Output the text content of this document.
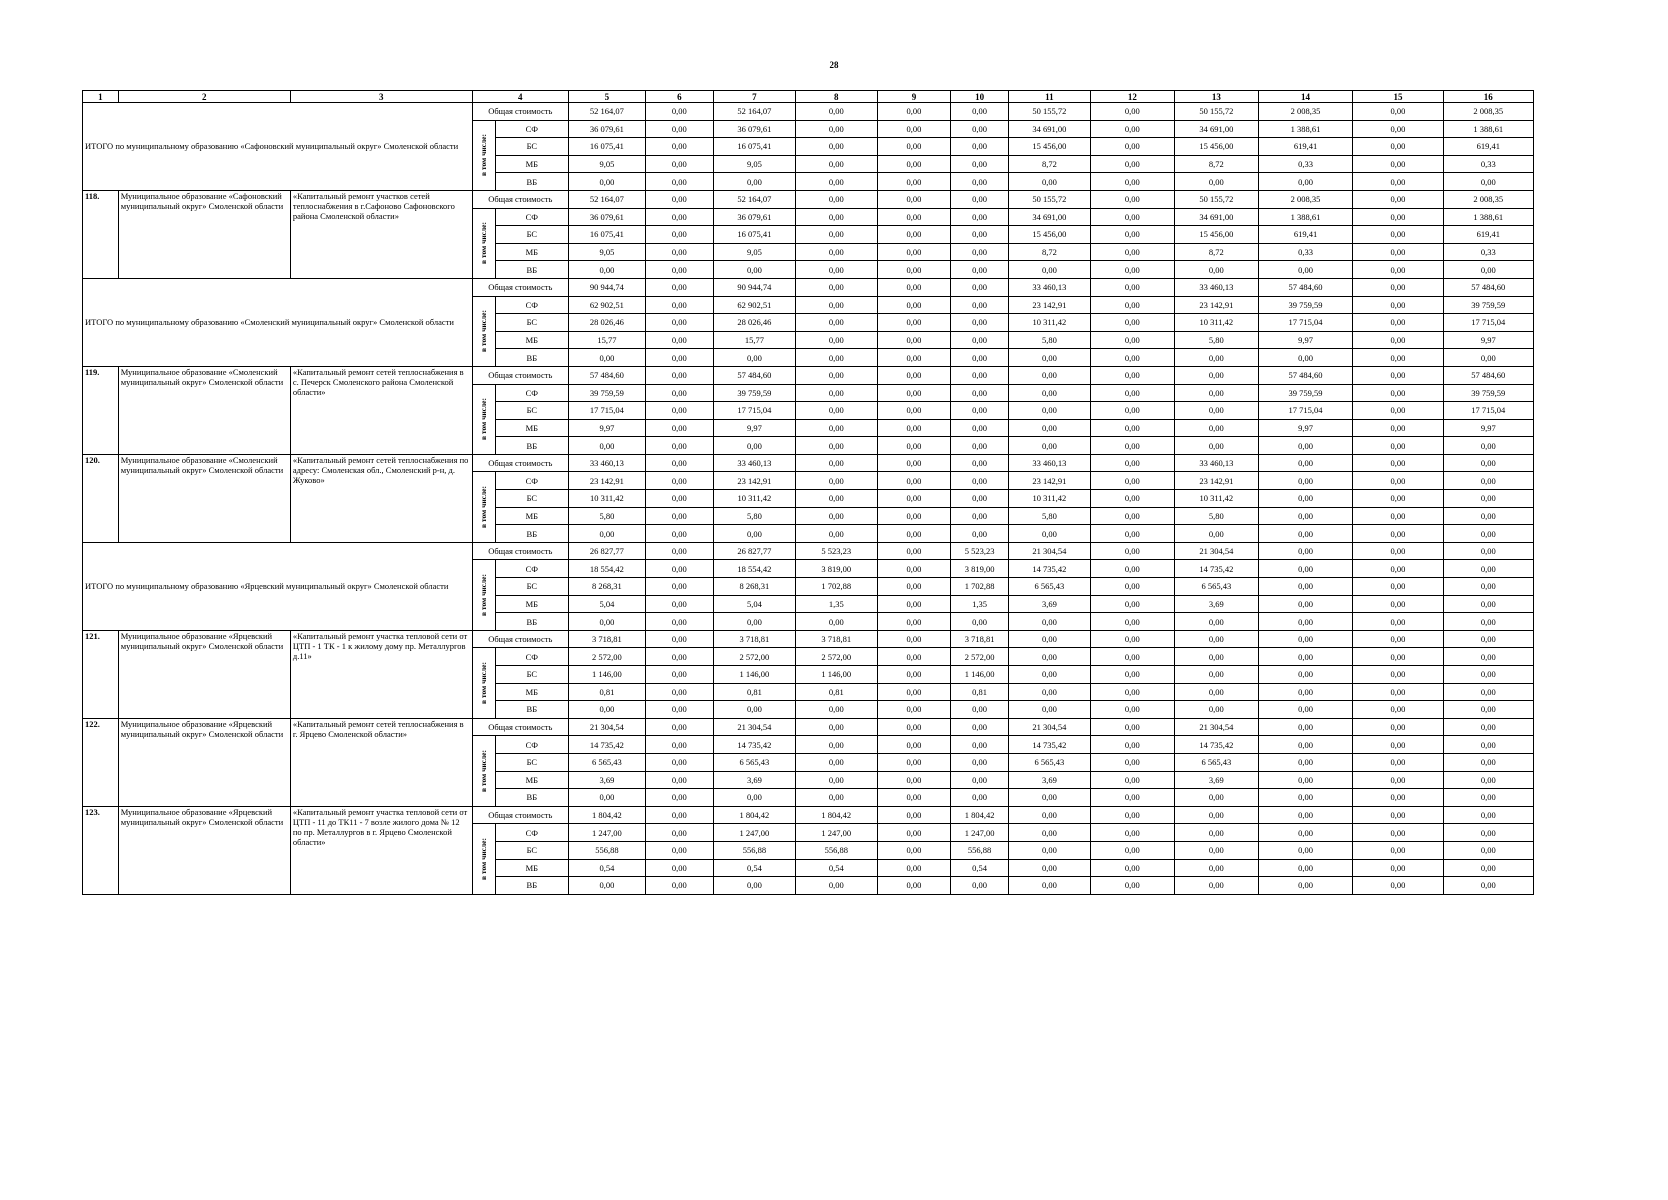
28
1	2	3	4		5	6	7	8	9	10	11	12	13	14	15	16
ИТОГО по муниципальному образованию «Сафоновский муниципальный округ» Смоленской области			Общая стоимость		52 164,07	0,00	52 164,07	0,00	0,00	0,00	50 155,72	0,00	50 155,72	2 008,35	0,00	2 008,35

			в том числе:	СФ	36 079,61	0,00	36 079,61	0,00	0,00	0,00	34 691,00	0,00	34 691,00	1 388,61	0,00	1 388,61
				БС	16 075,41	0,00	16 075,41	0,00	0,00	0,00	15 456,00	0,00	15 456,00	619,41	0,00	619,41
				МБ	9,05	0,00	9,05	0,00	0,00	0,00	8,72	0,00	8,72	0,33	0,00	0,33
				ВБ	0,00	0,00	0,00	0,00	0,00	0,00	0,00	0,00	0,00	0,00	0,00	0,00
118.	Муниципальное образование «Сафоновский муниципальный округ» Смоленской области	«Капитальный ремонт участков сетей теплоснабжения в г.Сафоново Сафоновского района Смоленской области»	Общая стоимость		52 164,07	0,00	52 164,07	0,00	0,00	0,00	50 155,72	0,00	50 155,72	2 008,35	0,00	2 008,35

			в том числе:	СФ	36 079,61	0,00	36 079,61	0,00	0,00	0,00	34 691,00	0,00	34 691,00	1 388,61	0,00	1 388,61
				БС	16 075,41	0,00	16 075,41	0,00	0,00	0,00	15 456,00	0,00	15 456,00	619,41	0,00	619,41
				МБ	9,05	0,00	9,05	0,00	0,00	0,00	8,72	0,00	8,72	0,33	0,00	0,33
				ВБ	0,00	0,00	0,00	0,00	0,00	0,00	0,00	0,00	0,00	0,00	0,00	0,00
ИТОГО по муниципальному образованию «Смоленский муниципальный округ» Смоленской области			Общая стоимость		90 944,74	0,00	90 944,74	0,00	0,00	0,00	33 460,13	0,00	33 460,13	57 484,60	0,00	57 484,60

			в том числе:	СФ	62 902,51	0,00	62 902,51	0,00	0,00	0,00	23 142,91	0,00	23 142,91	39 759,59	0,00	39 759,59
				БС	28 026,46	0,00	28 026,46	0,00	0,00	0,00	10 311,42	0,00	10 311,42	17 715,04	0,00	17 715,04
				МБ	15,77	0,00	15,77	0,00	0,00	0,00	5,80	0,00	5,80	9,97	0,00	9,97
				ВБ	0,00	0,00	0,00	0,00	0,00	0,00	0,00	0,00	0,00	0,00	0,00	0,00
119.	Муниципальное образование «Смоленский муниципальный округ» Смоленской области	«Капитальный ремонт сетей теплоснабжения в с. Печерск Смоленского района Смоленской области»	Общая стоимость		57 484,60	0,00	57 484,60	0,00	0,00	0,00	0,00	0,00	0,00	57 484,60	0,00	57 484,60

			в том числе:	СФ	39 759,59	0,00	39 759,59	0,00	0,00	0,00	0,00	0,00	0,00	39 759,59	0,00	39 759,59
				БС	17 715,04	0,00	17 715,04	0,00	0,00	0,00	0,00	0,00	0,00	17 715,04	0,00	17 715,04
				МБ	9,97	0,00	9,97	0,00	0,00	0,00	0,00	0,00	0,00	9,97	0,00	9,97
				ВБ	0,00	0,00	0,00	0,00	0,00	0,00	0,00	0,00	0,00	0,00	0,00	0,00
120.	Муниципальное образование «Смоленский муниципальный округ» Смоленской области	«Капитальный ремонт сетей теплоснабжения по адресу: Смоленская обл., Смоленский р-н, д. Жуково»	Общая стоимость		33 460,13	0,00	33 460,13	0,00	0,00	0,00	33 460,13	0,00	33 460,13	0,00	0,00	0,00

			в том числе:	СФ	23 142,91	0,00	23 142,91	0,00	0,00	0,00	23 142,91	0,00	23 142,91	0,00	0,00	0,00
				БС	10 311,42	0,00	10 311,42	0,00	0,00	0,00	10 311,42	0,00	10 311,42	0,00	0,00	0,00
				МБ	5,80	0,00	5,80	0,00	0,00	0,00	5,80	0,00	5,80	0,00	0,00	0,00
				ВБ	0,00	0,00	0,00	0,00	0,00	0,00	0,00	0,00	0,00	0,00	0,00	0,00
ИТОГО по муниципальному образованию «Ярцевский муниципальный округ» Смоленской области			Общая стоимость		26 827,77	0,00	26 827,77	5 523,23	0,00	5 523,23	21 304,54	0,00	21 304,54	0,00	0,00	0,00

			в том числе:	СФ	18 554,42	0,00	18 554,42	3 819,00	0,00	3 819,00	14 735,42	0,00	14 735,42	0,00	0,00	0,00
				БС	8 268,31	0,00	8 268,31	1 702,88	0,00	1 702,88	6 565,43	0,00	6 565,43	0,00	0,00	0,00
				МБ	5,04	0,00	5,04	1,35	0,00	1,35	3,69	0,00	3,69	0,00	0,00	0,00
				ВБ	0,00	0,00	0,00	0,00	0,00	0,00	0,00	0,00	0,00	0,00	0,00	0,00
121.	Муниципальное образование «Ярцевский муниципальный округ» Смоленской области	«Капитальный ремонт участка тепловой сети от ЦТП - 1 ТК - 1 к жилому дому пр. Металлургов д.11»	Общая стоимость		3 718,81	0,00	3 718,81	3 718,81	0,00	3 718,81	0,00	0,00	0,00	0,00	0,00	0,00

			в том числе:	СФ	2 572,00	0,00	2 572,00	2 572,00	0,00	2 572,00	0,00	0,00	0,00	0,00	0,00	0,00
				БС	1 146,00	0,00	1 146,00	1 146,00	0,00	1 146,00	0,00	0,00	0,00	0,00	0,00	0,00
				МБ	0,81	0,00	0,81	0,81	0,00	0,81	0,00	0,00	0,00	0,00	0,00	0,00
				ВБ	0,00	0,00	0,00	0,00	0,00	0,00	0,00	0,00	0,00	0,00	0,00	0,00
122.	Муниципальное образование «Ярцевский муниципальный округ» Смоленской области	«Капитальный ремонт сетей теплоснабжения в г. Ярцево Смоленской области»	Общая стоимость		21 304,54	0,00	21 304,54	0,00	0,00	0,00	21 304,54	0,00	21 304,54	0,00	0,00	0,00

			в том числе:	СФ	14 735,42	0,00	14 735,42	0,00	0,00	0,00	14 735,42	0,00	14 735,42	0,00	0,00	0,00
				БС	6 565,43	0,00	6 565,43	0,00	0,00	0,00	6 565,43	0,00	6 565,43	0,00	0,00	0,00
				МБ	3,69	0,00	3,69	0,00	0,00	0,00	3,69	0,00	3,69	0,00	0,00	0,00
				ВБ	0,00	0,00	0,00	0,00	0,00	0,00	0,00	0,00	0,00	0,00	0,00	0,00
123.	Муниципальное образование «Ярцевский муниципальный округ» Смоленской области	«Капитальный ремонт участка тепловой сети от ЦТП - 11 до ТК11 - 7 возле жилого дома № 12 по пр. Металлургов в г. Ярцево Смоленской области»	Общая стоимость		1 804,42	0,00	1 804,42	1 804,42	0,00	1 804,42	0,00	0,00	0,00	0,00	0,00	0,00

			в том числе:	СФ	1 247,00	0,00	1 247,00	1 247,00	0,00	1 247,00	0,00	0,00	0,00	0,00	0,00	0,00
				БС	556,88	0,00	556,88	556,88	0,00	556,88	0,00	0,00	0,00	0,00	0,00	0,00
				МБ	0,54	0,00	0,54	0,54	0,00	0,54	0,00	0,00	0,00	0,00	0,00	0,00
				ВБ	0,00	0,00	0,00	0,00	0,00	0,00	0,00	0,00	0,00	0,00	0,00	0,00
